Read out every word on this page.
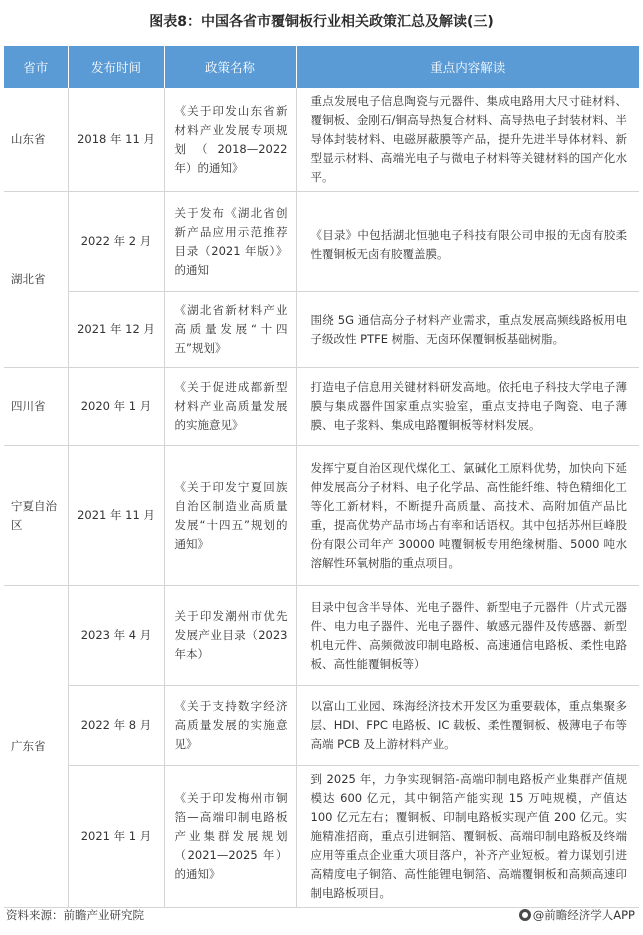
图表8：中国各省市覆铜板行业相关政策汇总及解读(三)
省市	发布时间	政策名称	重点内容解读
山东省	2018 年 11 月	《关于印发山东省新材料产业发展专项规划（2018—2022 年）的通知》	重点发展电子信息陶瓷与元器件、集成电路用大尺寸硅材料、覆铜板、金刚石/铜高导热复合材料、高导热电子封装材料、半导体封装材料、电磁屏蔽膜等产品，提升先进半导体材料、新型显示材料、高端光电子与微电子材料等关键材料的国产化水平。
湖北省	2022 年 2 月	关于发布《湖北省创新产品应用示范推荐目录（2021 年版）》的通知	《目录》中包括湖北恒驰电子科技有限公司申报的无卤有胶柔性覆铜板无卤有胶覆盖膜。
	2021 年 12 月	《湖北省新材料产业高质量发展“十四五”规划》	围绕 5G 通信高分子材料产业需求，重点发展高频线路板用电子级改性 PTFE 树脂、无卤环保覆铜板基础树脂。
四川省	2020 年 1 月	《关于促进成都新型材料产业高质量发展的实施意见》	打造电子信息用关键材料研发高地。依托电子科技大学电子薄膜与集成器件国家重点实验室，重点支持电子陶瓷、电子薄膜、电子浆料、集成电路覆铜板等材料发展。
宁夏自治区	2021 年 11 月	《关于印发宁夏回族自治区制造业高质量发展“十四五”规划的通知》	发挥宁夏自治区现代煤化工、氯碱化工原料优势，加快向下延伸发展高分子材料、电子化学品、高性能纤维、特色精细化工等化工新材料，不断提升高质量、高技术、高附加值产品比重，提高优势产品市场占有率和话语权。其中包括苏州巨峰股份有限公司年产 30000 吨覆铜板专用绝缘树脂、5000 吨水溶解性环氧树脂的重点项目。
广东省	2023 年 4 月	关于印发潮州市优先发展产业目录（2023 年本）	目录中包含半导体、光电子器件、新型电子元器件（片式元器件、电力电子器件、光电子器件、敏感元器件及传感器、新型机电元件、高频微波印制电路板、高速通信电路板、柔性电路板、高性能覆铜板等）
	2022 年 8 月	《关于支持数字经济高质量发展的实施意见》	以富山工业园、珠海经济技术开发区为重要载体，重点集聚多层、HDI、FPC 电路板、IC 载板、柔性覆铜板、极薄电子布等高端 PCB 及上游材料产业。
	2021 年 1 月	《关于印发梅州市铜箔—高端印制电路板产业集群发展规划（2021—2025 年）的通知》	到 2025 年，力争实现铜箔-高端印制电路板产业集群产值规模达 600 亿元，其中铜箔产能实现 15 万吨规模，产值达 100 亿元左右；覆铜板、印制电路板实现产值 200 亿元。实施精准招商，重点引进铜箔、覆铜板、高端印制电路板及终端应用等重点企业重大项目落户，补齐产业短板。着力谋划引进高精度电子铜箔、高性能锂电铜箔、高端覆铜板和高频高速印制电路板项目。
资料来源：前瞻产业研究院	@前瞻经济学人APP
